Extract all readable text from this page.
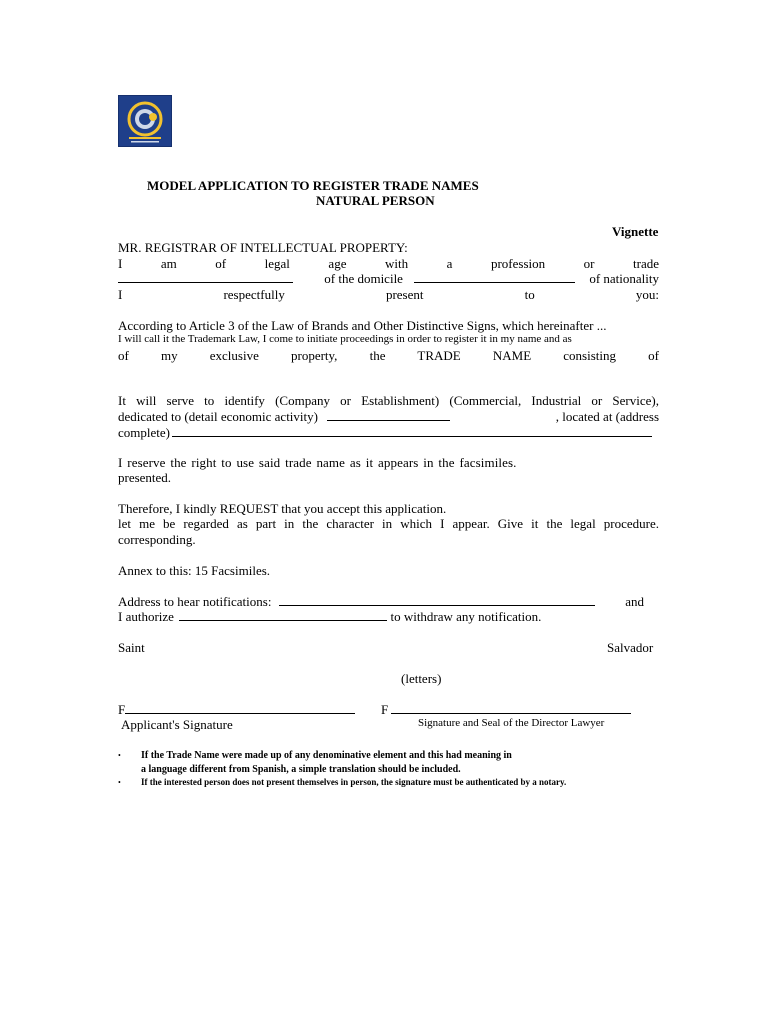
MODEL APPLICATION TO REGISTER TRADE NAMES
NATURAL PERSON
Vignette
MR. REGISTRAR OF INTELLECTUAL PROPERTY:
I am of legal age with a profession or trade
of the domicile	of nationality
I respectfully present to you:
According to Article 3 of the Law of Brands and Other Distinctive Signs, which hereinafter ...
I will call it the Trademark Law, I come to initiate proceedings in order to register it in my name and as
of my exclusive property, the TRADE NAME consisting of
It will serve to identify (Company or Establishment) (Commercial, Industrial or Service),
dedicated to (detail economic activity)	, located at (address
complete)
I reserve the right to use said trade name as it appears in the facsimiles.
presented.
Therefore, I kindly REQUEST that you accept this application.
let me be regarded as part in the character in which I appear. Give it the legal procedure.
corresponding.
Annex to this: 15 Facsimiles.
Address to hear notifications:	and
I authorize	to withdraw any notification.
Saint	Salvador
(letters)
F
Applicant's Signature
F
Signature and Seal of the Director Lawyer
• If the Trade Name were made up of any denominative element and this had meaning in
a language different from Spanish, a simple translation should be included.
• If the interested person does not present themselves in person, the signature must be authenticated by a notary.
